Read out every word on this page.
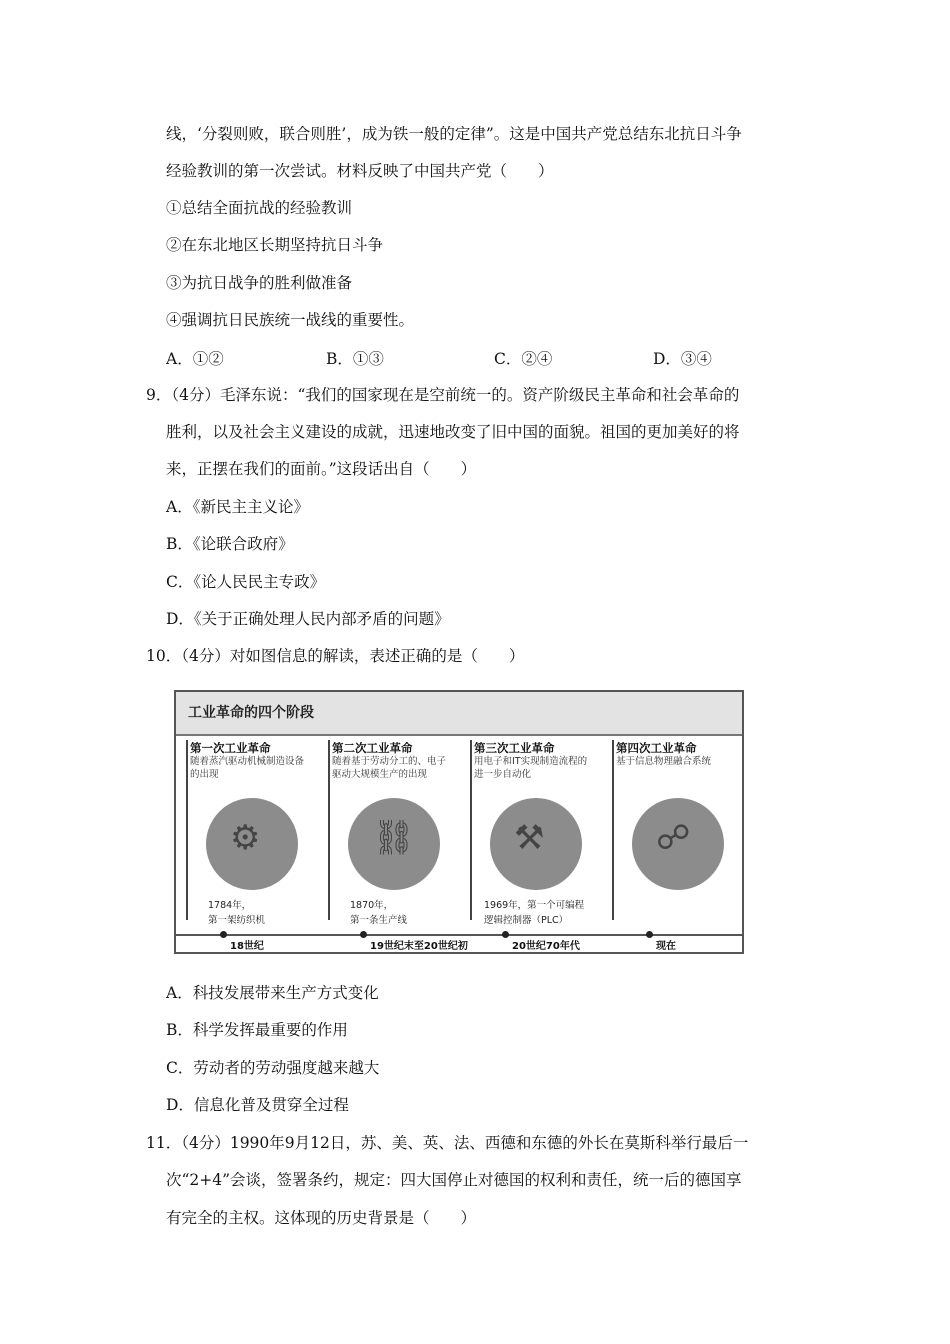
线，‘分裂则败，联合则胜’，成为铁一般的定律”。这是中国共产党总结东北抗日斗争
经验教训的第一次尝试。材料反映了中国共产党（　　）
①总结全面抗战的经验教训
②在东北地区长期坚持抗日斗争
③为抗日战争的胜利做准备
④强调抗日民族统一战线的重要性。
A．①②	B．①③	C．②④	D．③④
9．（4分）毛泽东说：“我们的国家现在是空前统一的。资产阶级民主革命和社会革命的
胜利，以及社会主义建设的成就，迅速地改变了旧中国的面貌。祖国的更加美好的将
来，正摆在我们的面前。”这段话出自（　　）
A．《新民主主义论》
B．《论联合政府》
C．《论人民民主专政》
D．《关于正确处理人民内部矛盾的问题》
10．（4分）对如图信息的解读，表述正确的是（　　）
工业革命的四个阶段
第一次工业革命
随着蒸汽驱动机械制造设备的出现
⚙
1784年，
第一架纺织机
第二次工业革命
随着基于劳动分工的、电子驱动大规模生产的出现
⛓
1870年，
第一条生产线
第三次工业革命
用电子和IT实现制造流程的进一步自动化
⚒
1969年，第一个可编程
逻辑控制器（PLC）
第四次工业革命
基于信息物理融合系统
☍
18世纪	19世纪末至20世纪初	20世纪70年代	现在
A．科技发展带来生产方式变化
B．科学发挥最重要的作用
C．劳动者的劳动强度越来越大
D．信息化普及贯穿全过程
11．（4分）1990年9月12日，苏、美、英、法、西德和东德的外长在莫斯科举行最后一
次“2+4”会谈，签署条约，规定：四大国停止对德国的权利和责任，统一后的德国享
有完全的主权。这体现的历史背景是（　　）
